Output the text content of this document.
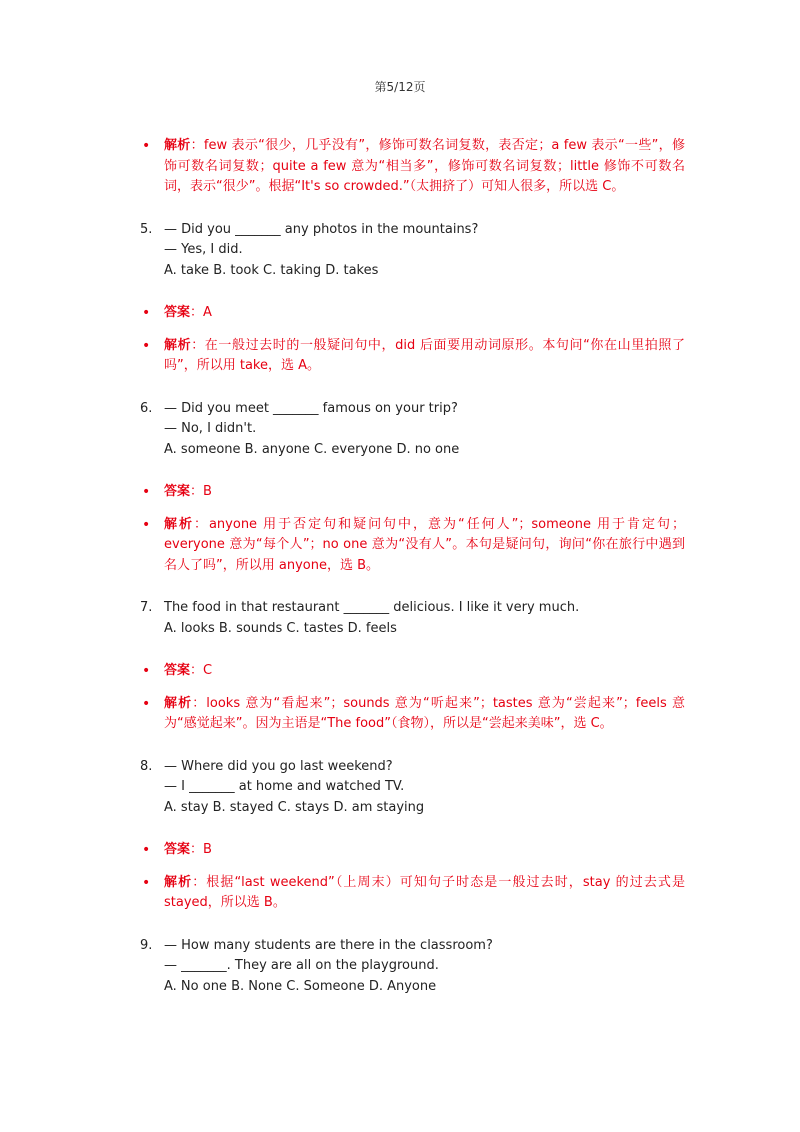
第5/12页

• 解析：few 表示“很少，几乎没有”，修饰可数名词复数，表否定；a few 表示“一些”，修饰可数名词复数；quite a few 意为“相当多”，修饰可数名词复数；little 修饰不可数名词，表示“很少”。根据“It's so crowded.”（太拥挤了）可知人很多，所以选 C。

5. — Did you _______ any photos in the mountains?
— Yes, I did.
A. take B. took C. taking D. takes

• 答案：A

• 解析：在一般过去时的一般疑问句中，did 后面要用动词原形。本句问“你在山里拍照了吗”，所以用 take，选 A。

6. — Did you meet _______ famous on your trip?
— No, I didn't.
A. someone B. anyone C. everyone D. no one

• 答案：B

• 解析：anyone 用于否定句和疑问句中，意为“任何人”；someone 用于肯定句；everyone 意为“每个人”；no one 意为“没有人”。本句是疑问句，询问“你在旅行中遇到名人了吗”，所以用 anyone，选 B。

7. The food in that restaurant _______ delicious. I like it very much.
A. looks B. sounds C. tastes D. feels

• 答案：C

• 解析：looks 意为“看起来”；sounds 意为“听起来”；tastes 意为“尝起来”；feels 意为“感觉起来”。因为主语是“The food”（食物），所以是“尝起来美味”，选 C。

8. — Where did you go last weekend?
— I _______ at home and watched TV.
A. stay B. stayed C. stays D. am staying

• 答案：B

• 解析：根据“last weekend”（上周末）可知句子时态是一般过去时，stay 的过去式是 stayed，所以选 B。

9. — How many students are there in the classroom?
— _______. They are all on the playground.
A. No one B. None C. Someone D. Anyone
